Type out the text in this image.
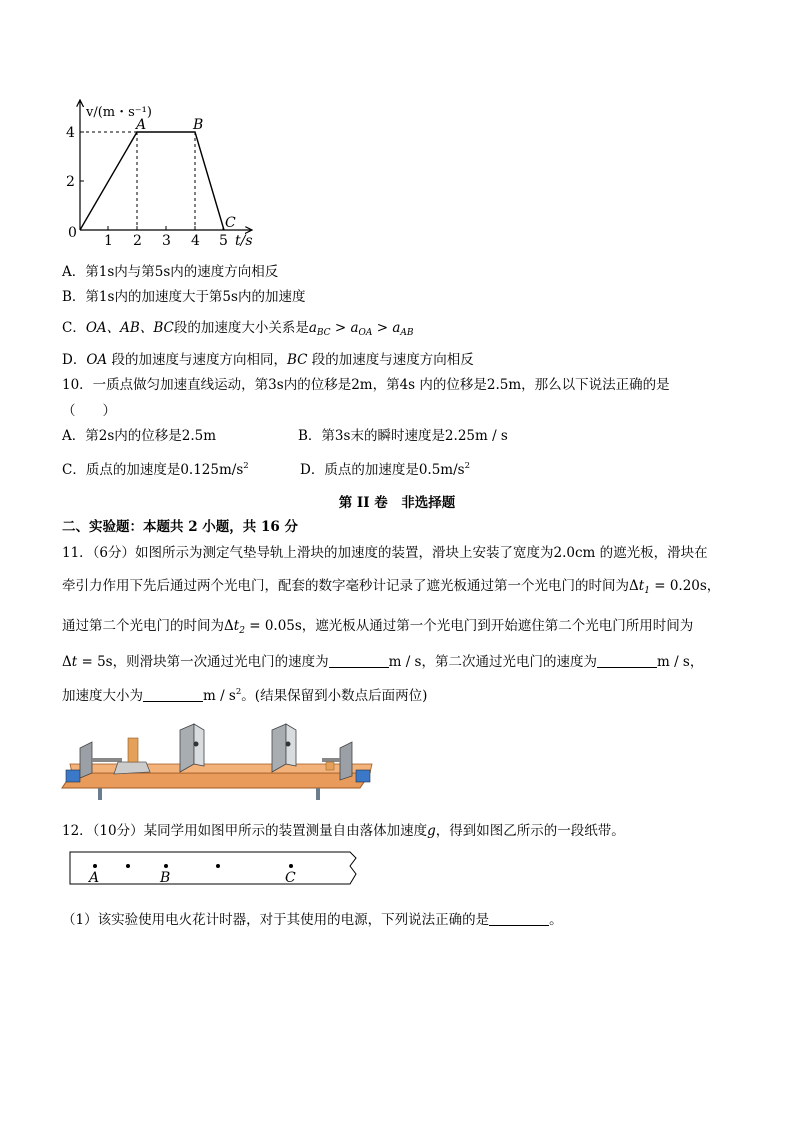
v/(m・s⁻¹)
t/s
0 1 2 3 4 5
2
4	A	B
C
A．第1s内与第5s内的速度方向相反
B．第1s内的加速度大于第5s内的加速度
C．OA、AB、BC段的加速度大小关系是$a_{BC} > a_{OA} > a_{AB}$
D．OA 段的加速度与速度方向相同，BC 段的加速度与速度方向相反
10．一质点做匀加速直线运动，第3s内的位移是2m，第4s 内的位移是2.5m，那么以下说法正确的是
（　　）
A．第2s内的位移是2.5m	B．第3s末的瞬时速度是2.25m / s
C．质点的加速度是$0.125m/s^2$	D．质点的加速度是$0.5m/s^2$
第 II 卷　非选择题
二、实验题：本题共 2 小题，共 16 分
11．（6分）如图所示为测定气垫导轨上滑块的加速度的装置，滑块上安装了宽度为2.0cm 的遮光板，滑块在
牵引力作用下先后通过两个光电门，配套的数字毫秒计记录了遮光板通过第一个光电门的时间为$\Delta t_1 = 0.20s$，
通过第二个光电门的时间为$\Delta t_2 = 0.05s$，遮光板从通过第一个光电门到开始遮住第二个光电门所用时间为
Δt = 5s，则滑块第一次通过光电门的速度为	m / s，第二次通过光电门的速度为	m / s，
加速度大小为	m / $s^2$。(结果保留到小数点后面两位)
12．（10分）某同学用如图甲所示的装置测量自由落体加速度g，得到如图乙所示的一段纸带。
A	B	C
（1）该实验使用电火花计时器，对于其使用的电源，下列说法正确的是	。
